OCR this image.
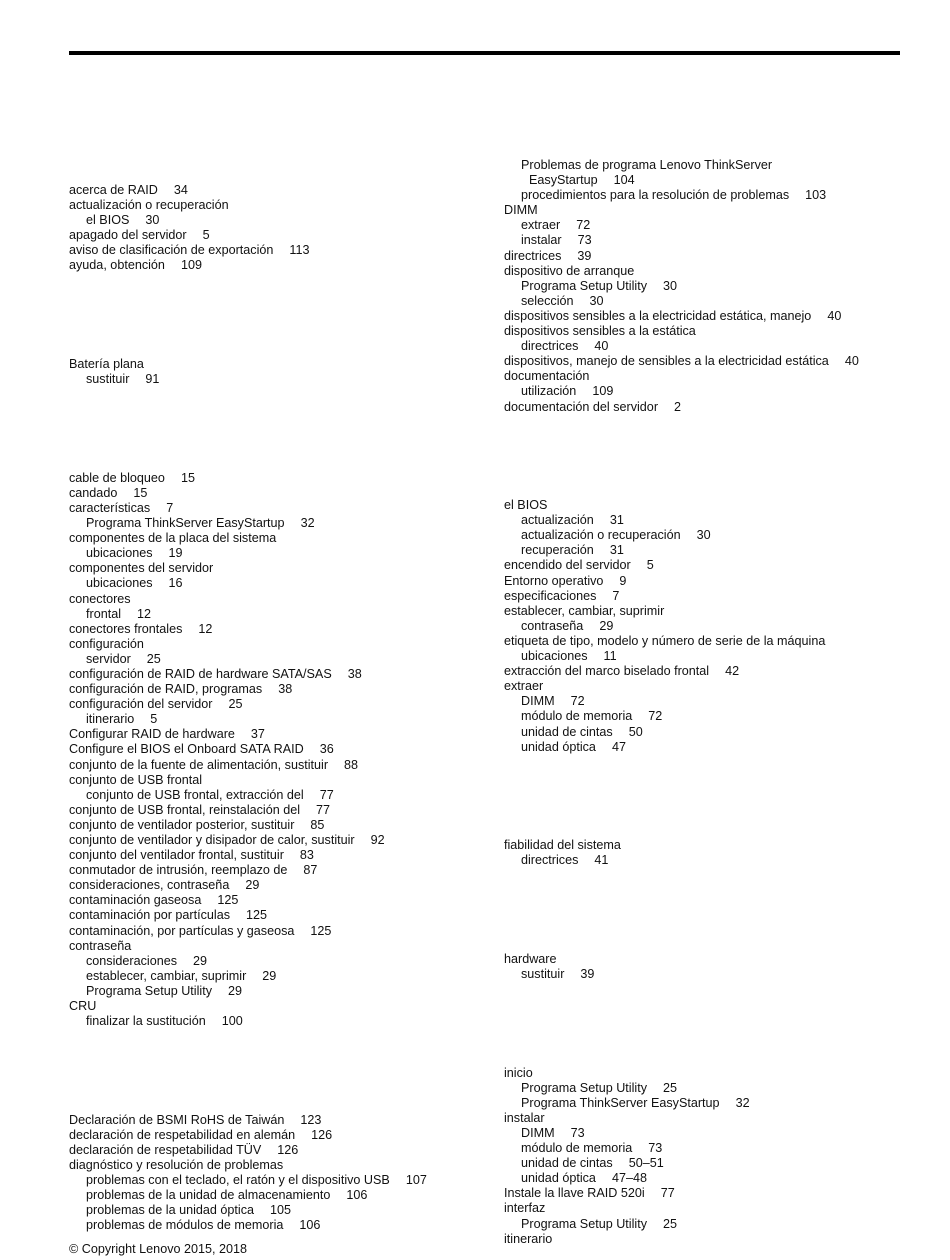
acerca de RAID 34
actualización o recuperación
el BIOS 30
apagado del servidor 5
aviso de clasificación de exportación 113
ayuda, obtención 109
Batería plana
sustituir 91
cable de bloqueo 15
candado 15
características 7
Programa ThinkServer EasyStartup 32
componentes de la placa del sistema
ubicaciones 19
componentes del servidor
ubicaciones 16
conectores
frontal 12
conectores frontales 12
configuración
servidor 25
configuración de RAID de hardware SATA/SAS 38
configuración de RAID, programas 38
configuración del servidor 25
itinerario 5
Configurar RAID de hardware 37
Configure el BIOS el Onboard SATA RAID 36
conjunto de la fuente de alimentación, sustituir 88
conjunto de USB frontal
conjunto de USB frontal, extracción del 77
conjunto de USB frontal, reinstalación del 77
conjunto de ventilador posterior, sustituir 85
conjunto de ventilador y disipador de calor, sustituir 92
conjunto del ventilador frontal, sustituir 83
conmutador de intrusión, reemplazo de 87
consideraciones, contraseña 29
contaminación gaseosa 125
contaminación por partículas 125
contaminación, por partículas y gaseosa 125
contraseña
consideraciones 29
establecer, cambiar, suprimir 29
Programa Setup Utility 29
CRU
finalizar la sustitución 100
Declaración de BSMI RoHS de Taiwán 123
declaración de respetabilidad en alemán 126
declaración de respetabilidad TÜV 126
diagnóstico y resolución de problemas
problemas con el teclado, el ratón y el dispositivo USB 107
problemas de la unidad de almacenamiento 106
problemas de la unidad óptica 105
problemas de módulos de memoria 106
Problemas de programa Lenovo ThinkServer
EasyStartup 104
procedimientos para la resolución de problemas 103
DIMM
extraer 72
instalar 73
directrices 39
dispositivo de arranque
Programa Setup Utility 30
selección 30
dispositivos sensibles a la electricidad estática, manejo 40
dispositivos sensibles a la estática
directrices 40
dispositivos, manejo de sensibles a la electricidad estática 40
documentación
utilización 109
documentación del servidor 2
el BIOS
actualización 31
actualización o recuperación 30
recuperación 31
encendido del servidor 5
Entorno operativo 9
especificaciones 7
establecer, cambiar, suprimir
contraseña 29
etiqueta de tipo, modelo y número de serie de la máquina
ubicaciones 11
extracción del marco biselado frontal 42
extraer
DIMM 72
módulo de memoria 72
unidad de cintas 50
unidad óptica 47
fiabilidad del sistema
directrices 41
hardware
sustituir 39
inicio
Programa Setup Utility 25
Programa ThinkServer EasyStartup 32
instalar
DIMM 73
módulo de memoria 73
unidad de cintas 50–51
unidad óptica 47–48
Instale la llave RAID 520i 77
interfaz
Programa Setup Utility 25
itinerario
© Copyright Lenovo 2015, 2018
